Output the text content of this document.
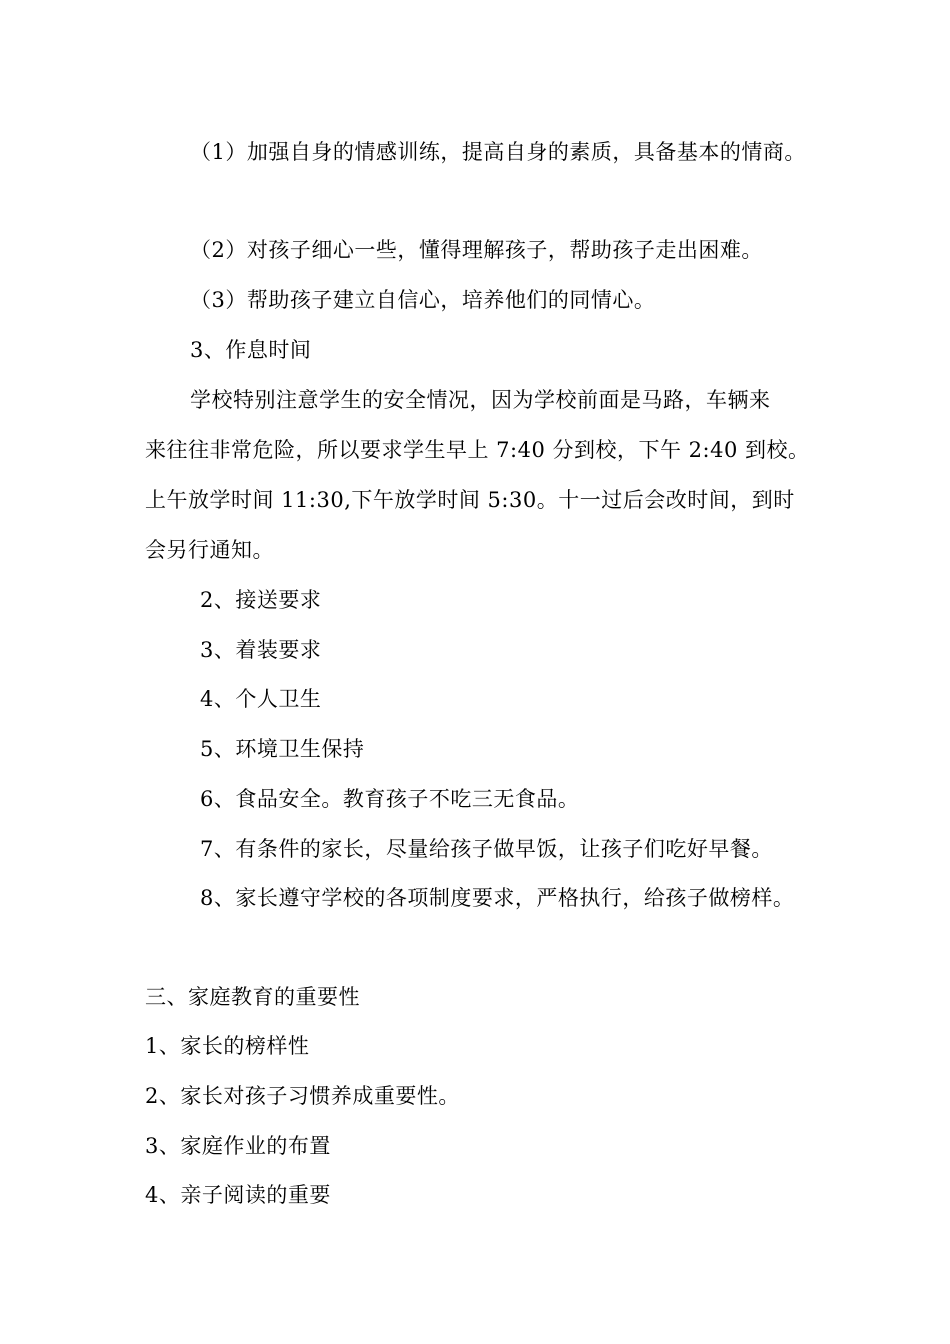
（1）加强自身的情感训练，提高自身的素质，具备基本的情商。
（2）对孩子细心一些，懂得理解孩子，帮助孩子走出困难。
（3）帮助孩子建立自信心，培养他们的同情心。
3、作息时间
学校特别注意学生的安全情况，因为学校前面是马路，车辆来
来往往非常危险，所以要求学生早上 7:40 分到校，下午 2:40 到校。
上午放学时间 11:30,下午放学时间 5:30。十一过后会改时间，到时
会另行通知。
2、接送要求
3、着装要求
4、个人卫生
5、环境卫生保持
6、食品安全。教育孩子不吃三无食品。
7、有条件的家长，尽量给孩子做早饭，让孩子们吃好早餐。
8、家长遵守学校的各项制度要求，严格执行，给孩子做榜样。
三、家庭教育的重要性
1、家长的榜样性
2、家长对孩子习惯养成重要性。
3、家庭作业的布置
4、亲子阅读的重要
